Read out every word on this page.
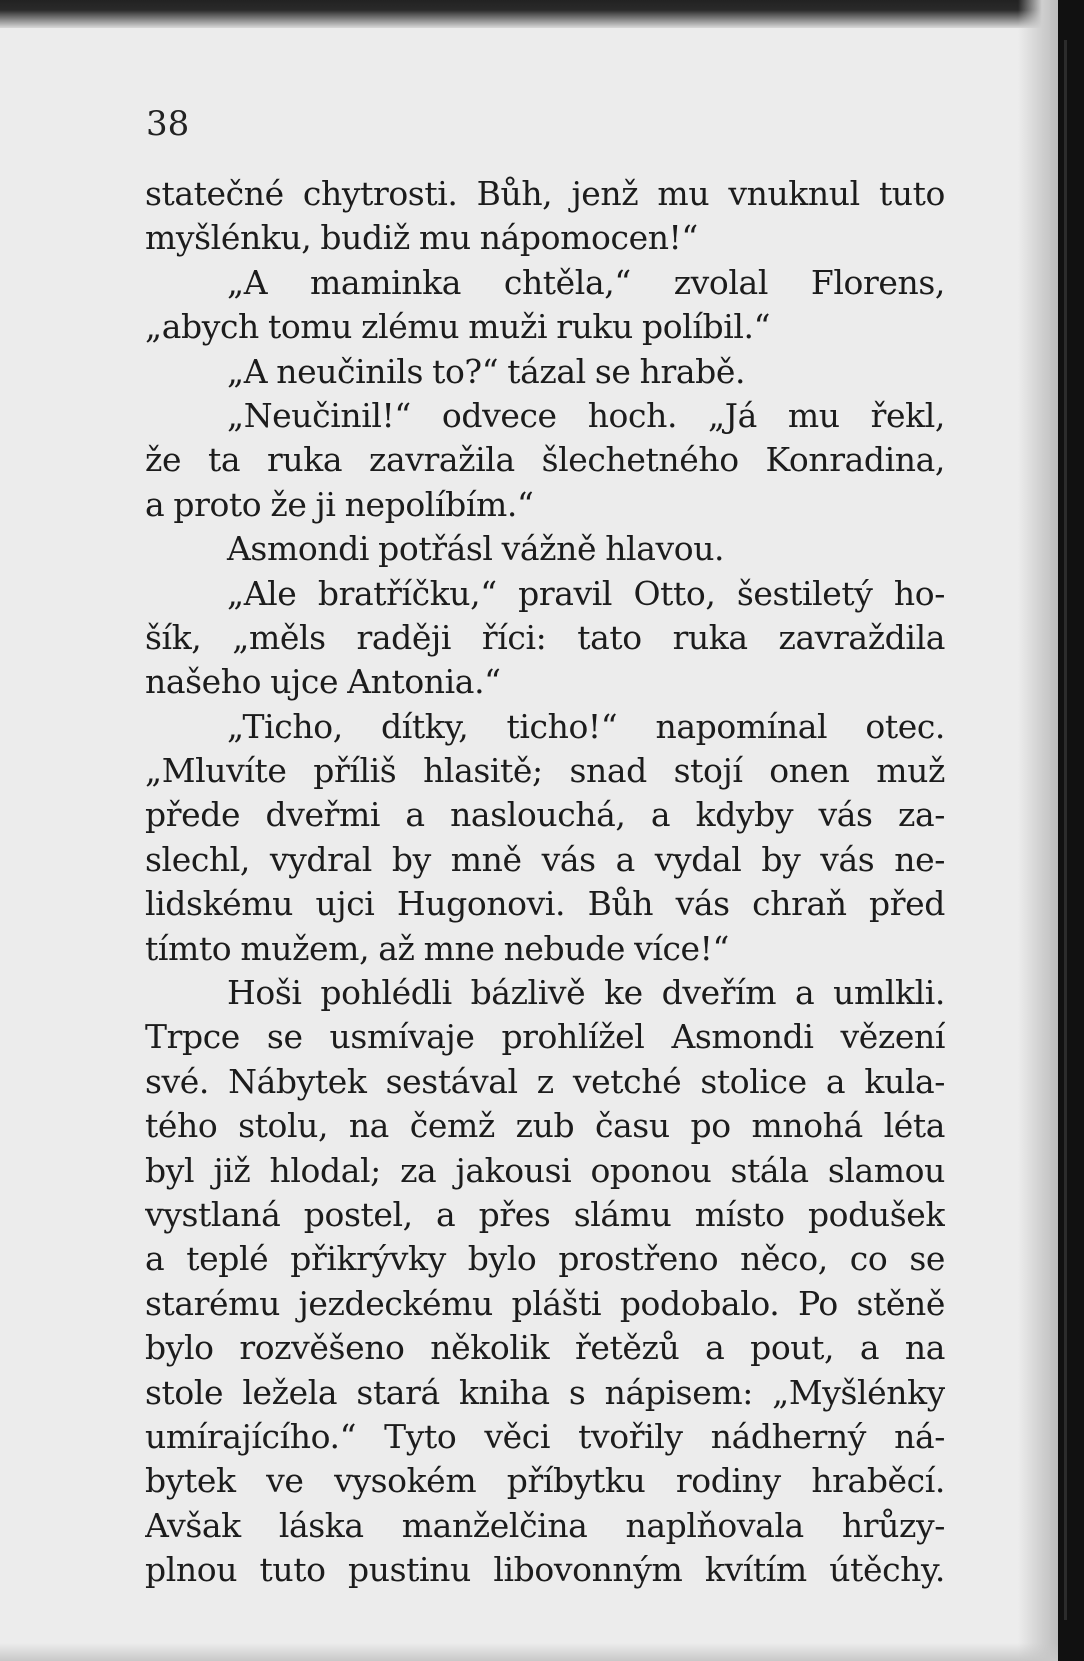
38
statečné chytrosti. Bůh, jenž mu vnuknul tuto
myšlénku, budiž mu nápomocen!“
„A maminka chtěla,“ zvolal Florens,
„abych tomu zlému muži ruku políbil.“
„A neučinils to?“ tázal se hrabě.
„Neučinil!“ odvece hoch. „Já mu řekl,
že ta ruka zavražila šlechetného Konradina,
a proto že ji nepolíbím.“
Asmondi potřásl vážně hlavou.
„Ale bratříčku,“ pravil Otto, šestiletý ho-
šík, „měls raději říci: tato ruka zavraždila
našeho ujce Antonia.“
„Ticho, dítky, ticho!“ napomínal otec.
„Mluvíte příliš hlasitě; snad stojí onen muž
přede dveřmi a naslouchá, a kdyby vás za-
slechl, vydral by mně vás a vydal by vás ne-
lidskému ujci Hugonovi. Bůh vás chraň před
tímto mužem, až mne nebude více!“
Hoši pohlédli bázlivě ke dveřím a umlkli.
Trpce se usmívaje prohlížel Asmondi vězení
své. Nábytek sestával z vetché stolice a kula-
tého stolu, na čemž zub času po mnohá léta
byl již hlodal; za jakousi oponou stála slamou
vystlaná postel, a přes slámu místo podušek
a teplé přikrývky bylo prostřeno něco, co se
starému jezdeckému plášti podobalo. Po stěně
bylo rozvěšeno několik řetězů a pout, a na
stole ležela stará kniha s nápisem: „Myšlénky
umírajícího.“ Tyto věci tvořily nádherný ná-
bytek ve vysokém příbytku rodiny hraběcí.
Avšak láska manželčina naplňovala hrůzy-
plnou tuto pustinu libovonným kvítím útěchy.
